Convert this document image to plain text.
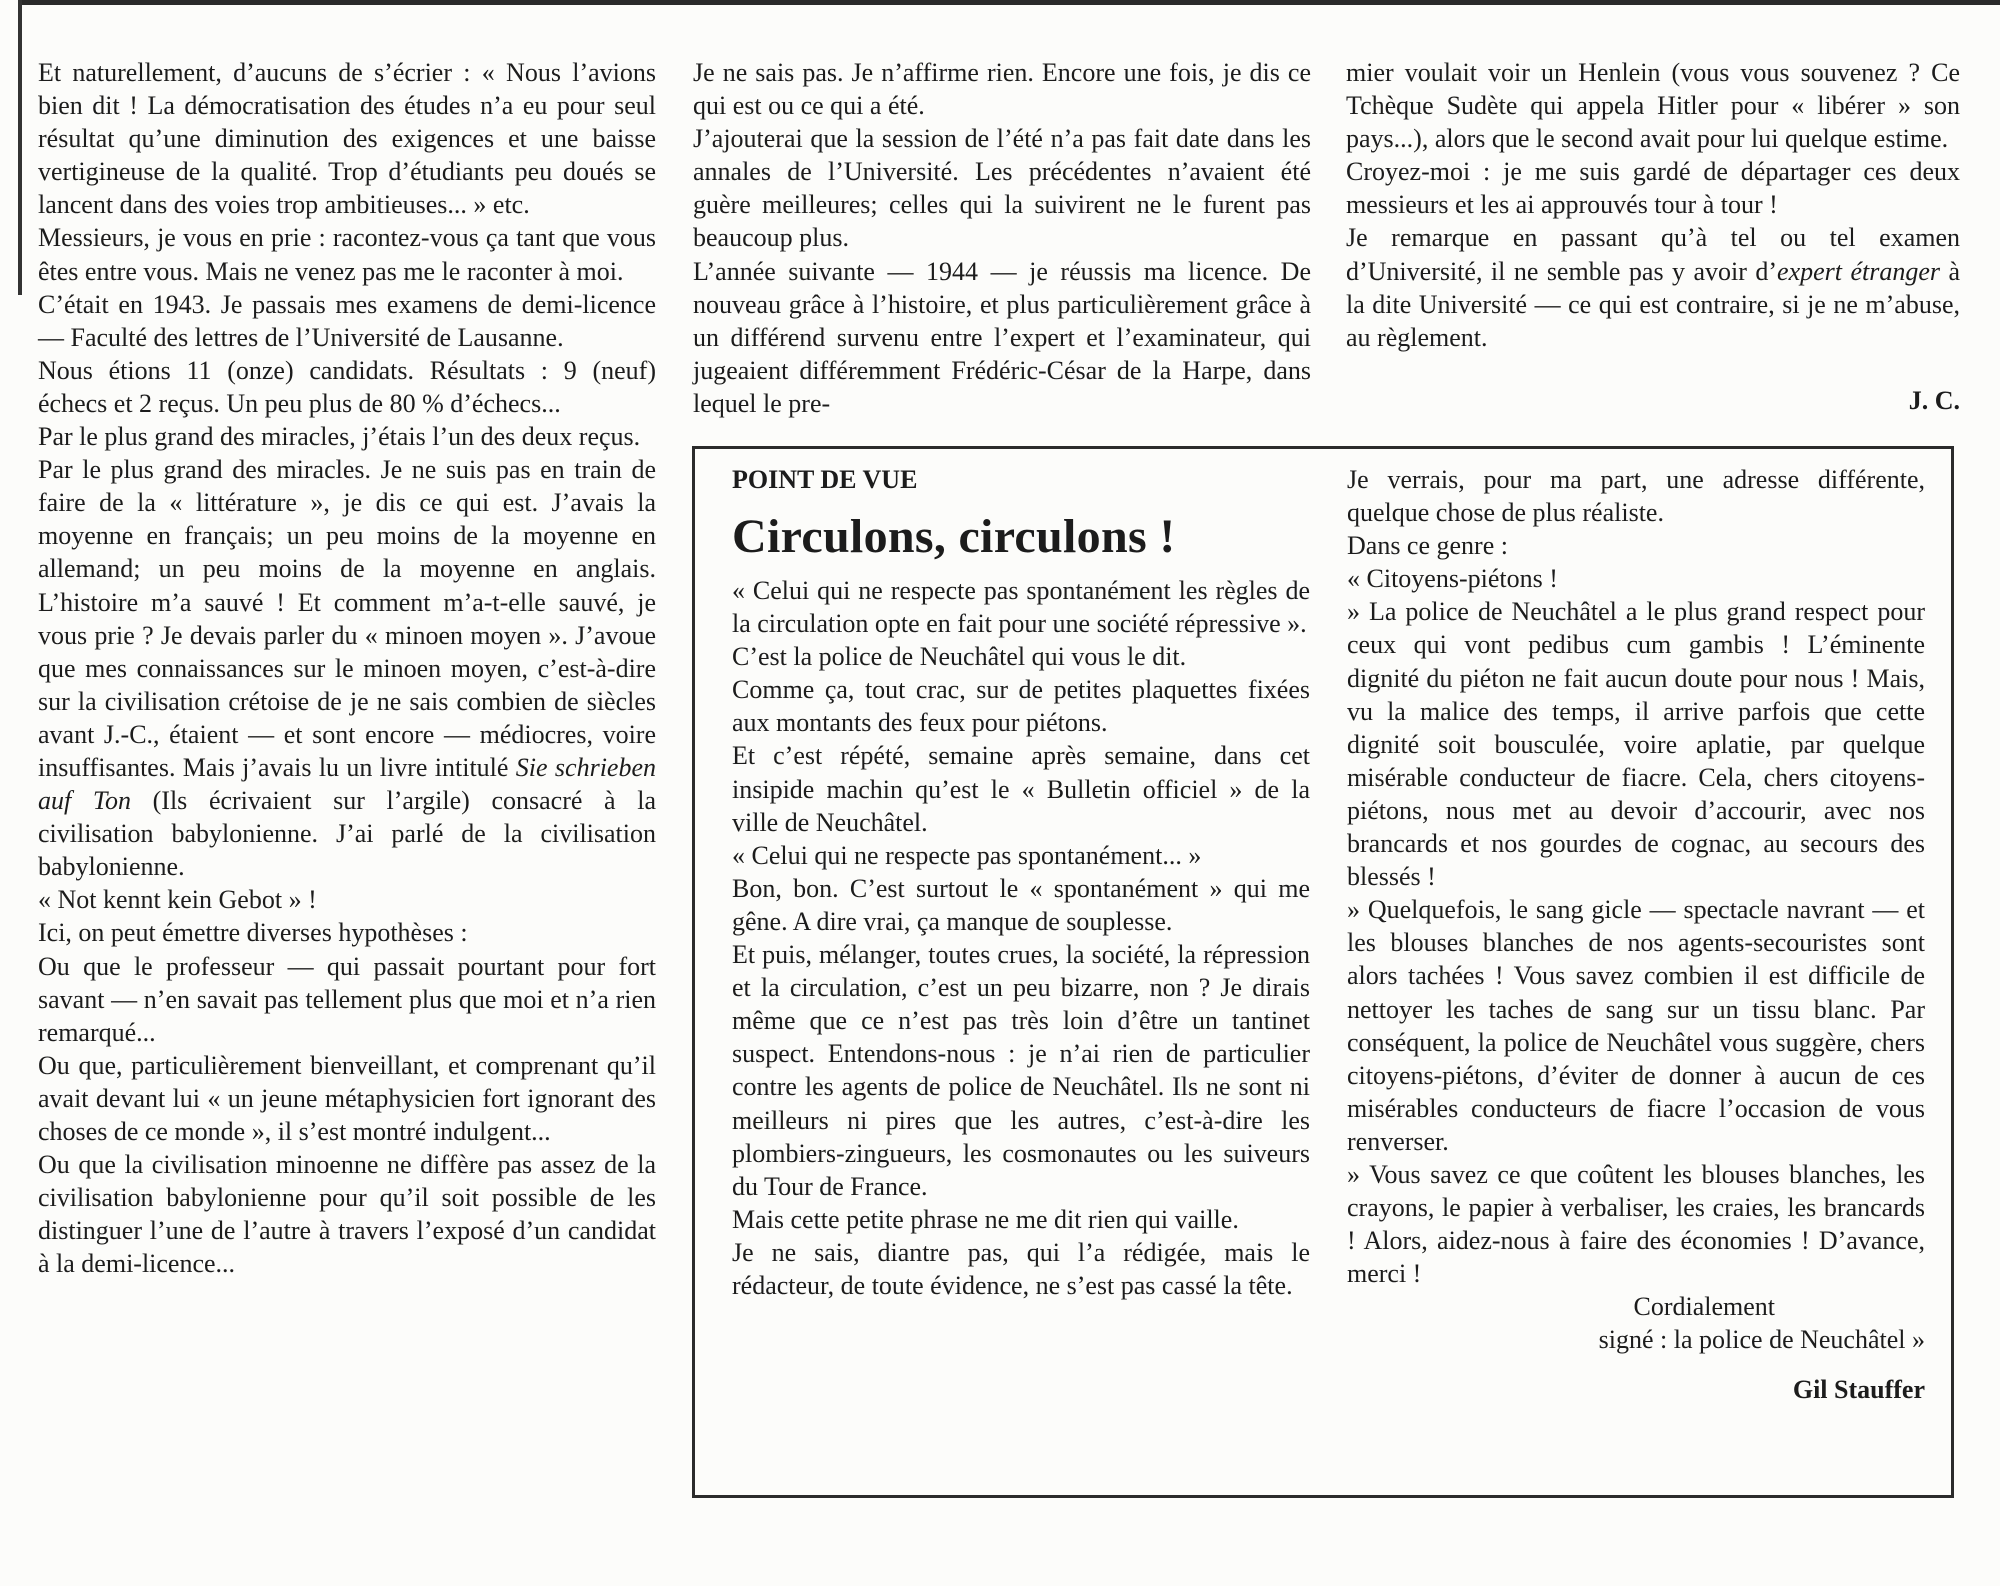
Et naturellement, d’aucuns de s’écrier : « Nous l’avions bien dit ! La démocratisation des études n’a eu pour seul résultat qu’une diminution des exigences et une baisse vertigineuse de la qualité. Trop d’étudiants peu doués se lancent dans des voies trop ambitieuses... » etc.

Messieurs, je vous en prie : racontez-vous ça tant que vous êtes entre vous. Mais ne venez pas me le raconter à moi.

C’était en 1943. Je passais mes examens de demi-licence — Faculté des lettres de l’Université de Lausanne.

Nous étions 11 (onze) candidats. Résultats : 9 (neuf) échecs et 2 reçus. Un peu plus de 80 % d’échecs...

Par le plus grand des miracles, j’étais l’un des deux reçus.

Par le plus grand des miracles. Je ne suis pas en train de faire de la « littérature », je dis ce qui est. J’avais la moyenne en français; un peu moins de la moyenne en allemand; un peu moins de la moyenne en anglais. L’histoire m’a sauvé ! Et comment m’a-t-elle sauvé, je vous prie ? Je devais parler du « minoen moyen ». J’avoue que mes connaissances sur le minoen moyen, c’est-à-dire sur la civilisation crétoise de je ne sais combien de siècles avant J.-C., étaient — et sont encore — médiocres, voire insuffisantes. Mais j’avais lu un livre intitulé Sie schrieben auf Ton (Ils écrivaient sur l’argile) consacré à la civilisation babylonienne. J’ai parlé de la civilisation babylonienne.

« Not kennt kein Gebot » !

Ici, on peut émettre diverses hypothèses :

Ou que le professeur — qui passait pourtant pour fort savant — n’en savait pas tellement plus que moi et n’a rien remarqué...

Ou que, particulièrement bienveillant, et comprenant qu’il avait devant lui « un jeune métaphysicien fort ignorant des choses de ce monde », il s’est montré indulgent...

Ou que la civilisation minoenne ne diffère pas assez de la civilisation babylonienne pour qu’il soit possible de les distinguer l’une de l’autre à travers l’exposé d’un candidat à la demi-licence...

Je ne sais pas. Je n’affirme rien. Encore une fois, je dis ce qui est ou ce qui a été.

J’ajouterai que la session de l’été n’a pas fait date dans les annales de l’Université. Les précédentes n’avaient été guère meilleures; celles qui la suivirent ne le furent pas beaucoup plus.

L’année suivante — 1944 — je réussis ma licence. De nouveau grâce à l’histoire, et plus particulièrement grâce à un différend survenu entre l’expert et l’examinateur, qui jugeaient différemment Frédéric-César de la Harpe, dans lequel le pre-

mier voulait voir un Henlein (vous vous souvenez ? Ce Tchèque Sudète qui appela Hitler pour « libérer » son pays...), alors que le second avait pour lui quelque estime.

Croyez-moi : je me suis gardé de départager ces deux messieurs et les ai approuvés tour à tour !

Je remarque en passant qu’à tel ou tel examen d’Université, il ne semble pas y avoir d’expert étranger à la dite Université — ce qui est contraire, si je ne m’abuse, au règlement.

J. C.
POINT DE VUE
Circulons, circulons !

« Celui qui ne respecte pas spontanément les règles de la circulation opte en fait pour une société répressive ».

C’est la police de Neuchâtel qui vous le dit.

Comme ça, tout crac, sur de petites plaquettes fixées aux montants des feux pour piétons.

Et c’est répété, semaine après semaine, dans cet insipide machin qu’est le « Bulletin officiel » de la ville de Neuchâtel.

« Celui qui ne respecte pas spontanément... »

Bon, bon. C’est surtout le « spontanément » qui me gêne. A dire vrai, ça manque de souplesse.

Et puis, mélanger, toutes crues, la société, la répression et la circulation, c’est un peu bizarre, non ? Je dirais même que ce n’est pas très loin d’être un tantinet suspect. Entendons-nous : je n’ai rien de particulier contre les agents de police de Neuchâtel. Ils ne sont ni meilleurs ni pires que les autres, c’est-à-dire les plombiers-zingueurs, les cosmonautes ou les suiveurs du Tour de France.

Mais cette petite phrase ne me dit rien qui vaille.

Je ne sais, diantre pas, qui l’a rédigée, mais le rédacteur, de toute évidence, ne s’est pas cassé la tête.

Je verrais, pour ma part, une adresse différente, quelque chose de plus réaliste.

Dans ce genre :

« Citoyens-piétons !

» La police de Neuchâtel a le plus grand respect pour ceux qui vont pedibus cum gambis ! L’éminente dignité du piéton ne fait aucun doute pour nous ! Mais, vu la malice des temps, il arrive parfois que cette dignité soit bousculée, voire aplatie, par quelque misérable conducteur de fiacre. Cela, chers citoyens-piétons, nous met au devoir d’accourir, avec nos brancards et nos gourdes de cognac, au secours des blessés !

» Quelquefois, le sang gicle — spectacle navrant — et les blouses blanches de nos agents-secouristes sont alors tachées ! Vous savez combien il est difficile de nettoyer les taches de sang sur un tissu blanc. Par conséquent, la police de Neuchâtel vous suggère, chers citoyens-piétons, d’éviter de donner à aucun de ces misérables conducteurs de fiacre l’occasion de vous renverser.

» Vous savez ce que coûtent les blouses blanches, les crayons, le papier à verbaliser, les craies, les brancards ! Alors, aidez-nous à faire des économies ! D’avance, merci !

Cordialement

signé : la police de Neuchâtel »

Gil Stauffer
